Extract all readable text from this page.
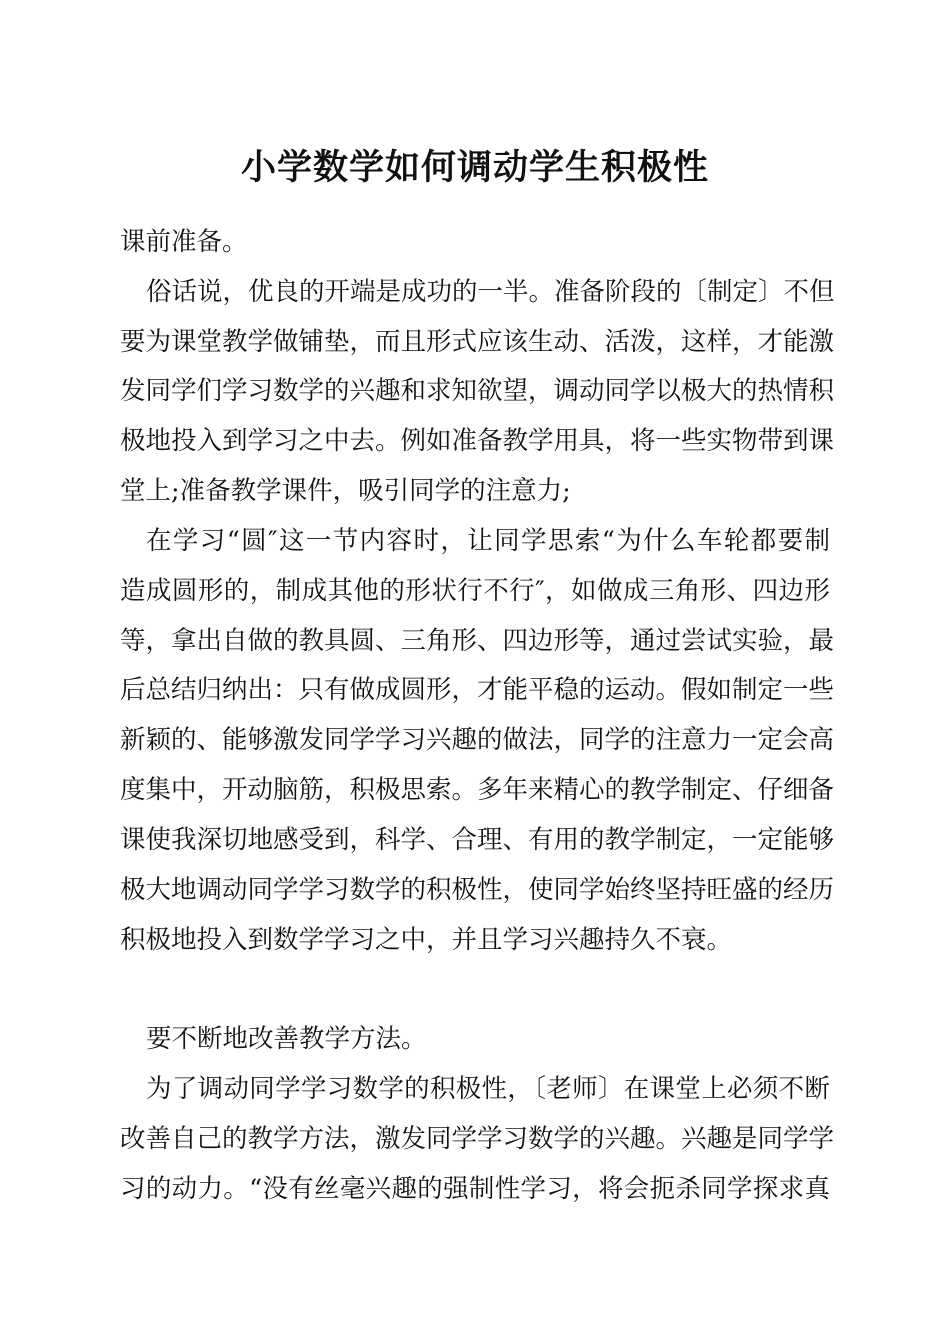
小学数学如何调动学生积极性
课前准备。
俗话说，优良的开端是成功的一半。准备阶段的〔制定〕不但
要为课堂教学做铺垫，而且形式应该生动、活泼，这样，才能激
发同学们学习数学的兴趣和求知欲望，调动同学以极大的热情积
极地投入到学习之中去。例如准备教学用具，将一些实物带到课
堂上;准备教学课件，吸引同学的注意力;
在学习“圆″这一节内容时，让同学思索“为什么车轮都要制
造成圆形的，制成其他的形状行不行″，如做成三角形、四边形
等，拿出自做的教具圆、三角形、四边形等，通过尝试实验，最
后总结归纳出：只有做成圆形，才能平稳的运动。假如制定一些
新颖的、能够激发同学学习兴趣的做法，同学的注意力一定会高
度集中，开动脑筋，积极思索。多年来精心的教学制定、仔细备
课使我深切地感受到，科学、合理、有用的教学制定，一定能够
极大地调动同学学习数学的积极性，使同学始终坚持旺盛的经历
积极地投入到数学学习之中，并且学习兴趣持久不衰。
要不断地改善教学方法。
为了调动同学学习数学的积极性，〔老师〕在课堂上必须不断
改善自己的教学方法，激发同学学习数学的兴趣。兴趣是同学学
习的动力。“没有丝毫兴趣的强制性学习，将会扼杀同学探求真
